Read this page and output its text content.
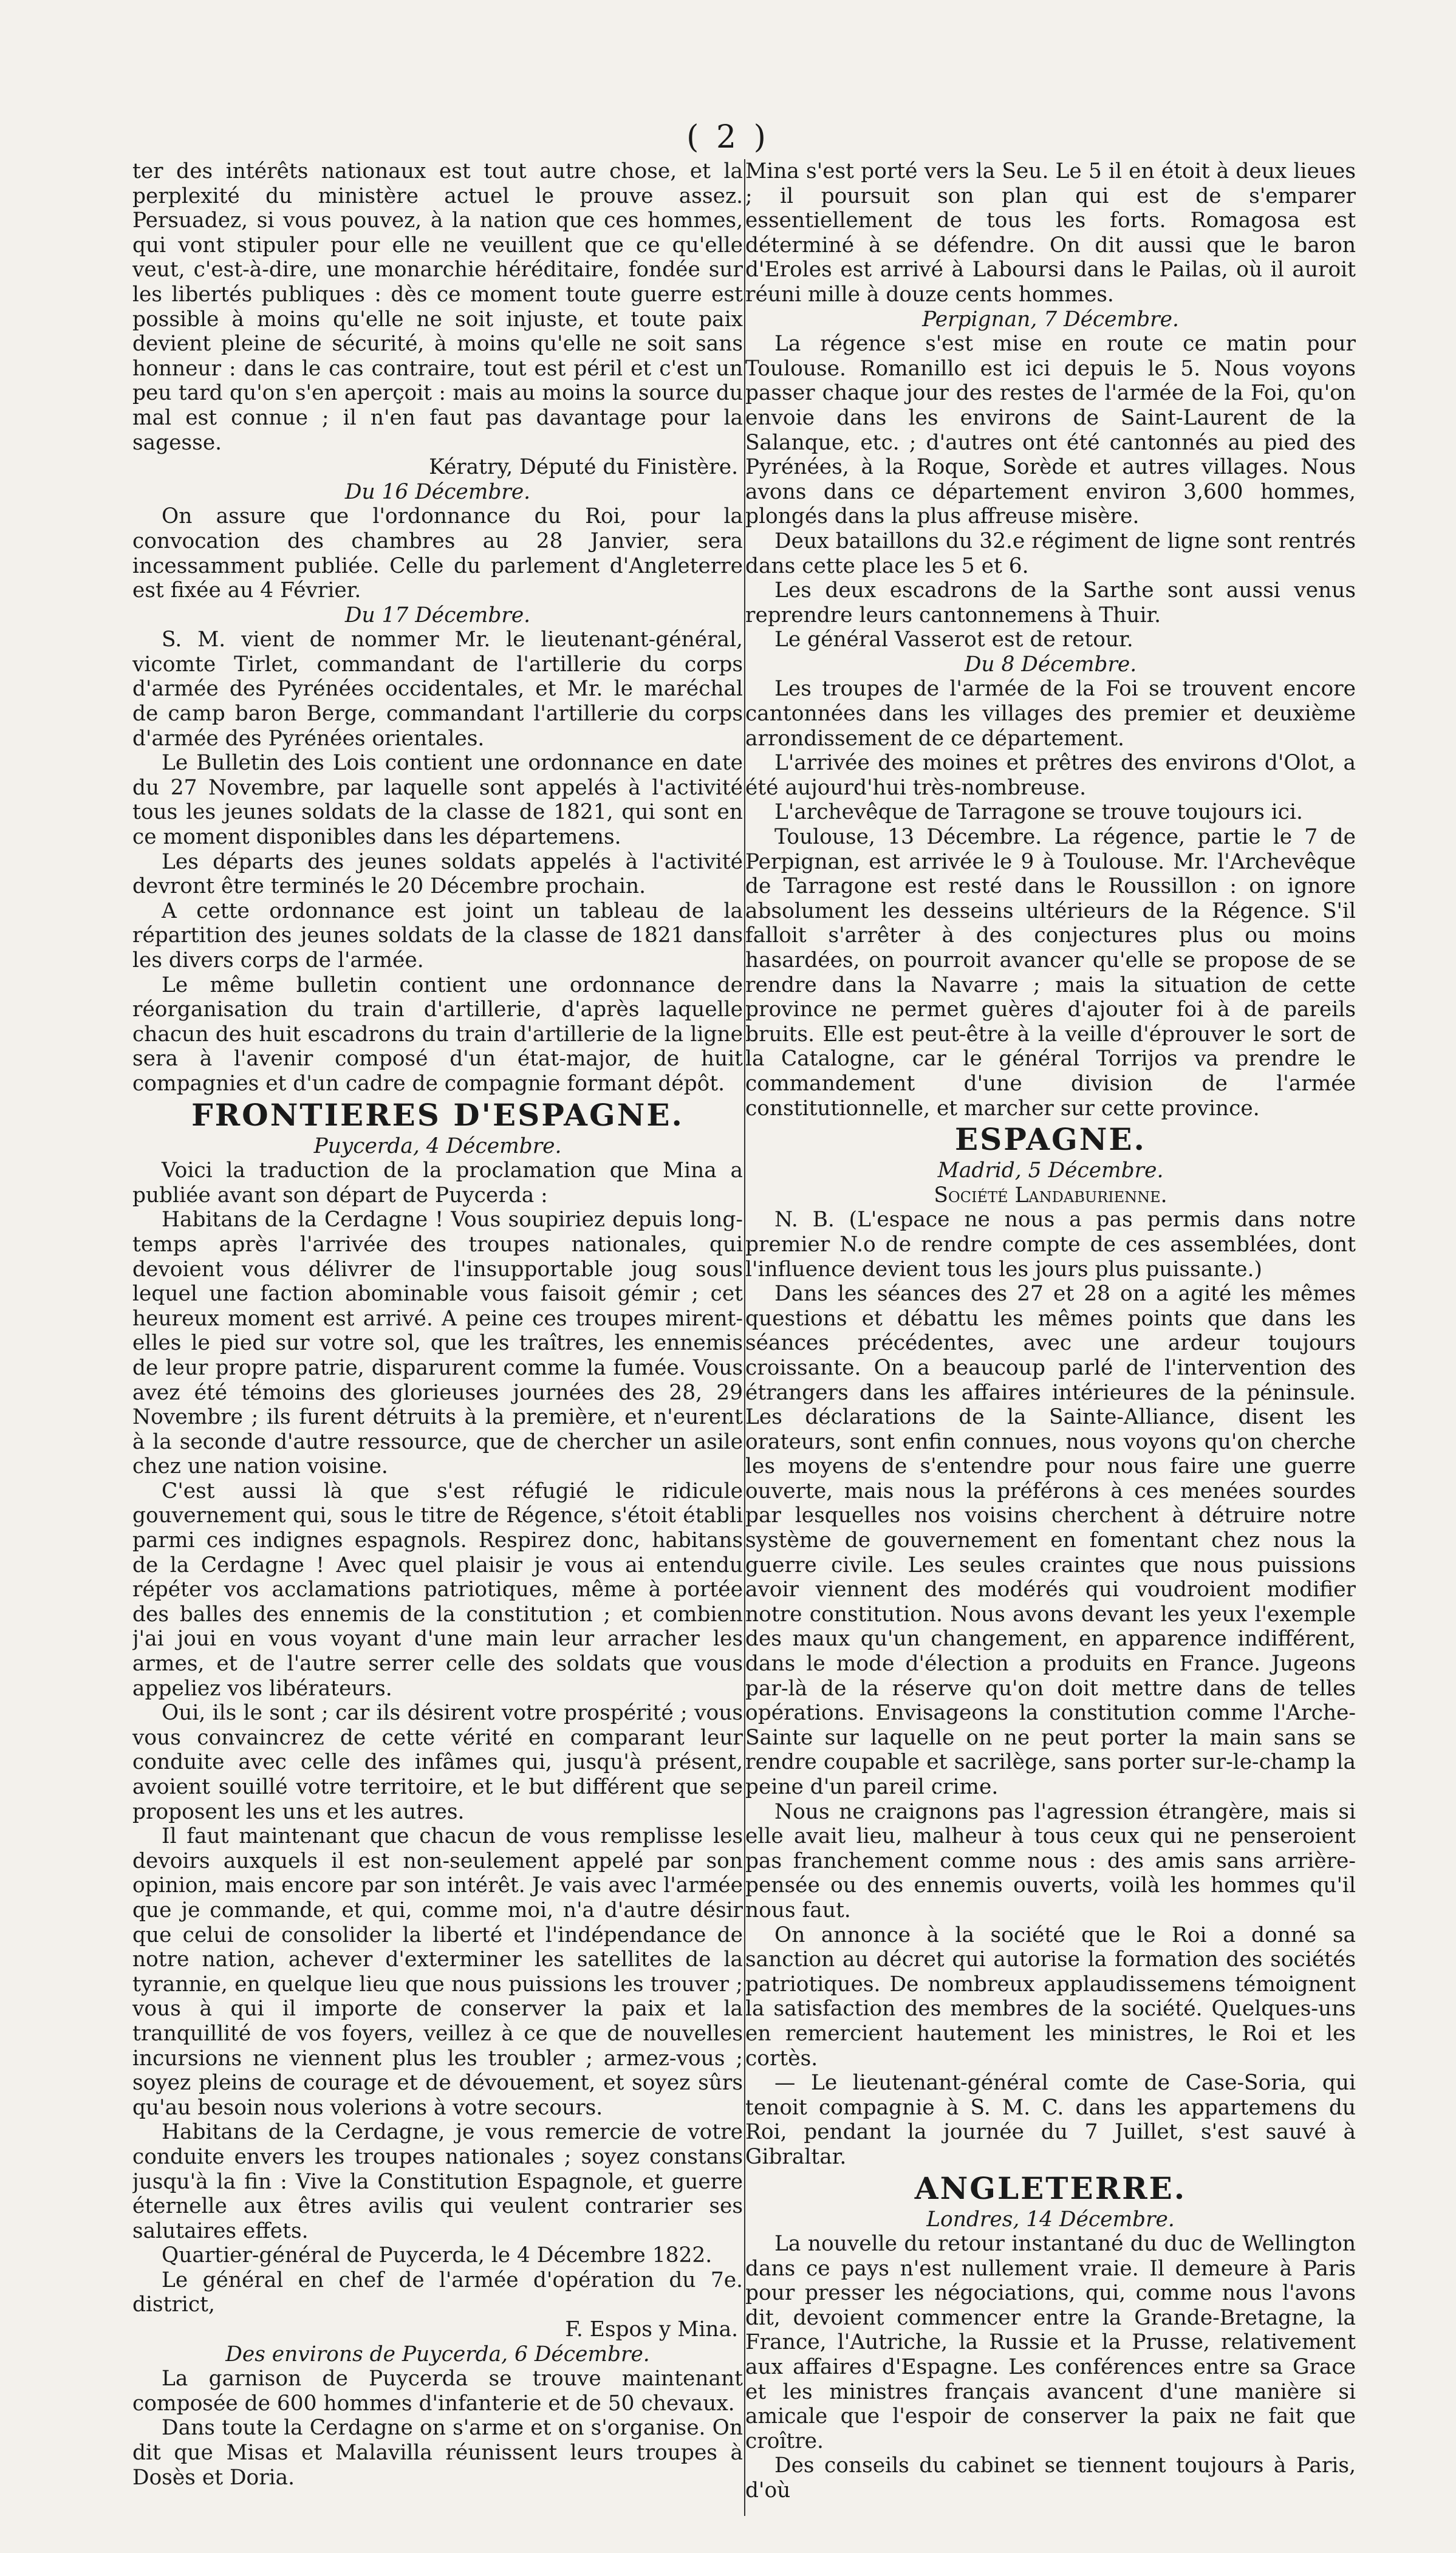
( 2 )

ter des intérêts nationaux est tout autre chose, et la perplexité du ministère actuel le prouve assez. Persuadez, si vous pouvez, à la nation que ces hommes, qui vont stipuler pour elle ne veuillent que ce qu'elle veut, c'est-à-dire, une monarchie héréditaire, fondée sur les libertés publiques : dès ce moment toute guerre est possible à moins qu'elle ne soit injuste, et toute paix devient pleine de sécurité, à moins qu'elle ne soit sans honneur : dans le cas contraire, tout est péril et c'est un peu tard qu'on s'en aperçoit : mais au moins la source du mal est connue ; il n'en faut pas davantage pour la sagesse.

Kératry, Député du Finistère.

Du 16 Décembre.

On assure que l'ordonnance du Roi, pour la convocation des chambres au 28 Janvier, sera incessamment publiée. Celle du parlement d'Angleterre est fixée au 4 Février.

Du 17 Décembre.

S. M. vient de nommer Mr. le lieutenant-général, vicomte Tirlet, commandant de l'artillerie du corps d'armée des Pyrénées occidentales, et Mr. le maréchal de camp baron Berge, commandant l'artillerie du corps d'armée des Pyrénées orientales.

Le Bulletin des Lois contient une ordonnance en date du 27 Novembre, par laquelle sont appelés à l'activité tous les jeunes soldats de la classe de 1821, qui sont en ce moment disponibles dans les départemens.

Les départs des jeunes soldats appelés à l'activité devront être terminés le 20 Décembre prochain.

A cette ordonnance est joint un tableau de la répartition des jeunes soldats de la classe de 1821 dans les divers corps de l'armée.

Le même bulletin contient une ordonnance de réorganisation du train d'artillerie, d'après laquelle chacun des huit escadrons du train d'artillerie de la ligne sera à l'avenir composé d'un état-major, de huit compagnies et d'un cadre de compagnie formant dépôt.

FRONTIERES D'ESPAGNE.

Puycerda, 4 Décembre.

Voici la traduction de la proclamation que Mina a publiée avant son départ de Puycerda :

Habitans de la Cerdagne ! Vous soupiriez depuis long-temps après l'arrivée des troupes nationales, qui devoient vous délivrer de l'insupportable joug sous lequel une faction abominable vous faisoit gémir ; cet heureux moment est arrivé. A peine ces troupes mirent-elles le pied sur votre sol, que les traîtres, les ennemis de leur propre patrie, disparurent comme la fumée. Vous avez été témoins des glorieuses journées des 28, 29 Novembre ; ils furent détruits à la première, et n'eurent à la seconde d'autre ressource, que de chercher un asile chez une nation voisine.

C'est aussi là que s'est réfugié le ridicule gouvernement qui, sous le titre de Régence, s'étoit établi parmi ces indignes espagnols. Respirez donc, habitans de la Cerdagne ! Avec quel plaisir je vous ai entendu répéter vos acclamations patriotiques, même à portée des balles des ennemis de la constitution ; et combien j'ai joui en vous voyant d'une main leur arracher les armes, et de l'autre serrer celle des soldats que vous appeliez vos libérateurs.

Oui, ils le sont ; car ils désirent votre prospérité ; vous vous convaincrez de cette vérité en comparant leur conduite avec celle des infâmes qui, jusqu'à présent, avoient souillé votre territoire, et le but différent que se proposent les uns et les autres.

Il faut maintenant que chacun de vous remplisse les devoirs auxquels il est non-seulement appelé par son opinion, mais encore par son intérêt. Je vais avec l'armée que je commande, et qui, comme moi, n'a d'autre désir que celui de consolider la liberté et l'indépendance de notre nation, achever d'exterminer les satellites de la tyrannie, en quelque lieu que nous puissions les trouver ; vous à qui il importe de conserver la paix et la tranquillité de vos foyers, veillez à ce que de nouvelles incursions ne viennent plus les troubler ; armez-vous ; soyez pleins de courage et de dévouement, et soyez sûrs qu'au besoin nous volerions à votre secours.

Habitans de la Cerdagne, je vous remercie de votre conduite envers les troupes nationales ; soyez constans jusqu'à la fin : Vive la Constitution Espagnole, et guerre éternelle aux êtres avilis qui veulent contrarier ses salutaires effets.

Quartier-général de Puycerda, le 4 Décembre 1822.

Le général en chef de l'armée d'opération du 7e. district,

F. Espos y Mina.

Des environs de Puycerda, 6 Décembre.

La garnison de Puycerda se trouve maintenant composée de 600 hommes d'infanterie et de 50 chevaux.

Dans toute la Cerdagne on s'arme et on s'organise. On dit que Misas et Malavilla réunissent leurs troupes à Dosès et Doria.

Mina s'est porté vers la Seu. Le 5 il en étoit à deux lieues ; il poursuit son plan qui est de s'emparer essentiellement de tous les forts. Romagosa est déterminé à se défendre. On dit aussi que le baron d'Eroles est arrivé à Laboursi dans le Pailas, où il auroit réuni mille à douze cents hommes.

Perpignan, 7 Décembre.

La régence s'est mise en route ce matin pour Toulouse. Romanillo est ici depuis le 5. Nous voyons passer chaque jour des restes de l'armée de la Foi, qu'on envoie dans les environs de Saint-Laurent de la Salanque, etc. ; d'autres ont été cantonnés au pied des Pyrénées, à la Roque, Sorède et autres villages. Nous avons dans ce département environ 3,600 hommes, plongés dans la plus affreuse misère.

Deux bataillons du 32.e régiment de ligne sont rentrés dans cette place les 5 et 6.

Les deux escadrons de la Sarthe sont aussi venus reprendre leurs cantonnemens à Thuir.

Le général Vasserot est de retour.

Du 8 Décembre.

Les troupes de l'armée de la Foi se trouvent encore cantonnées dans les villages des premier et deuxième arrondissement de ce département.

L'arrivée des moines et prêtres des environs d'Olot, a été aujourd'hui très-nombreuse.

L'archevêque de Tarragone se trouve toujours ici.

Toulouse, 13 Décembre. La régence, partie le 7 de Perpignan, est arrivée le 9 à Toulouse. Mr. l'Archevêque de Tarragone est resté dans le Roussillon : on ignore absolument les desseins ultérieurs de la Régence. S'il falloit s'arrêter à des conjectures plus ou moins hasardées, on pourroit avancer qu'elle se propose de se rendre dans la Navarre ; mais la situation de cette province ne permet guères d'ajouter foi à de pareils bruits. Elle est peut-être à la veille d'éprouver le sort de la Catalogne, car le général Torrijos va prendre le commandement d'une division de l'armée constitutionnelle, et marcher sur cette province.

ESPAGNE.

Madrid, 5 Décembre.

Société Landaburienne.

N. B. (L'espace ne nous a pas permis dans notre premier N.o de rendre compte de ces assemblées, dont l'influence devient tous les jours plus puissante.)

Dans les séances des 27 et 28 on a agité les mêmes questions et débattu les mêmes points que dans les séances précédentes, avec une ardeur toujours croissante. On a beaucoup parlé de l'intervention des étrangers dans les affaires intérieures de la péninsule. Les déclarations de la Sainte-Alliance, disent les orateurs, sont enfin connues, nous voyons qu'on cherche les moyens de s'entendre pour nous faire une guerre ouverte, mais nous la préférons à ces menées sourdes par lesquelles nos voisins cherchent à détruire notre système de gouvernement en fomentant chez nous la guerre civile. Les seules craintes que nous puissions avoir viennent des modérés qui voudroient modifier notre constitution. Nous avons devant les yeux l'exemple des maux qu'un changement, en apparence indifférent, dans le mode d'élection a produits en France. Jugeons par-là de la réserve qu'on doit mettre dans de telles opérations. Envisageons la constitution comme l'Arche-Sainte sur laquelle on ne peut porter la main sans se rendre coupable et sacrilège, sans porter sur-le-champ la peine d'un pareil crime.

Nous ne craignons pas l'agression étrangère, mais si elle avait lieu, malheur à tous ceux qui ne penseroient pas franchement comme nous : des amis sans arrière-pensée ou des ennemis ouverts, voilà les hommes qu'il nous faut.

On annonce à la société que le Roi a donné sa sanction au décret qui autorise la formation des sociétés patriotiques. De nombreux applaudissemens témoignent la satisfaction des membres de la société. Quelques-uns en remercient hautement les ministres, le Roi et les cortès.

— Le lieutenant-général comte de Case-Soria, qui tenoit compagnie à S. M. C. dans les appartemens du Roi, pendant la journée du 7 Juillet, s'est sauvé à Gibraltar.

ANGLETERRE.

Londres, 14 Décembre.

La nouvelle du retour instantané du duc de Wellington dans ce pays n'est nullement vraie. Il demeure à Paris pour presser les négociations, qui, comme nous l'avons dit, devoient commencer entre la Grande-Bretagne, la France, l'Autriche, la Russie et la Prusse, relativement aux affaires d'Espagne. Les conférences entre sa Grace et les ministres français avancent d'une manière si amicale que l'espoir de conserver la paix ne fait que croître.

Des conseils du cabinet se tiennent toujours à Paris, d'où
